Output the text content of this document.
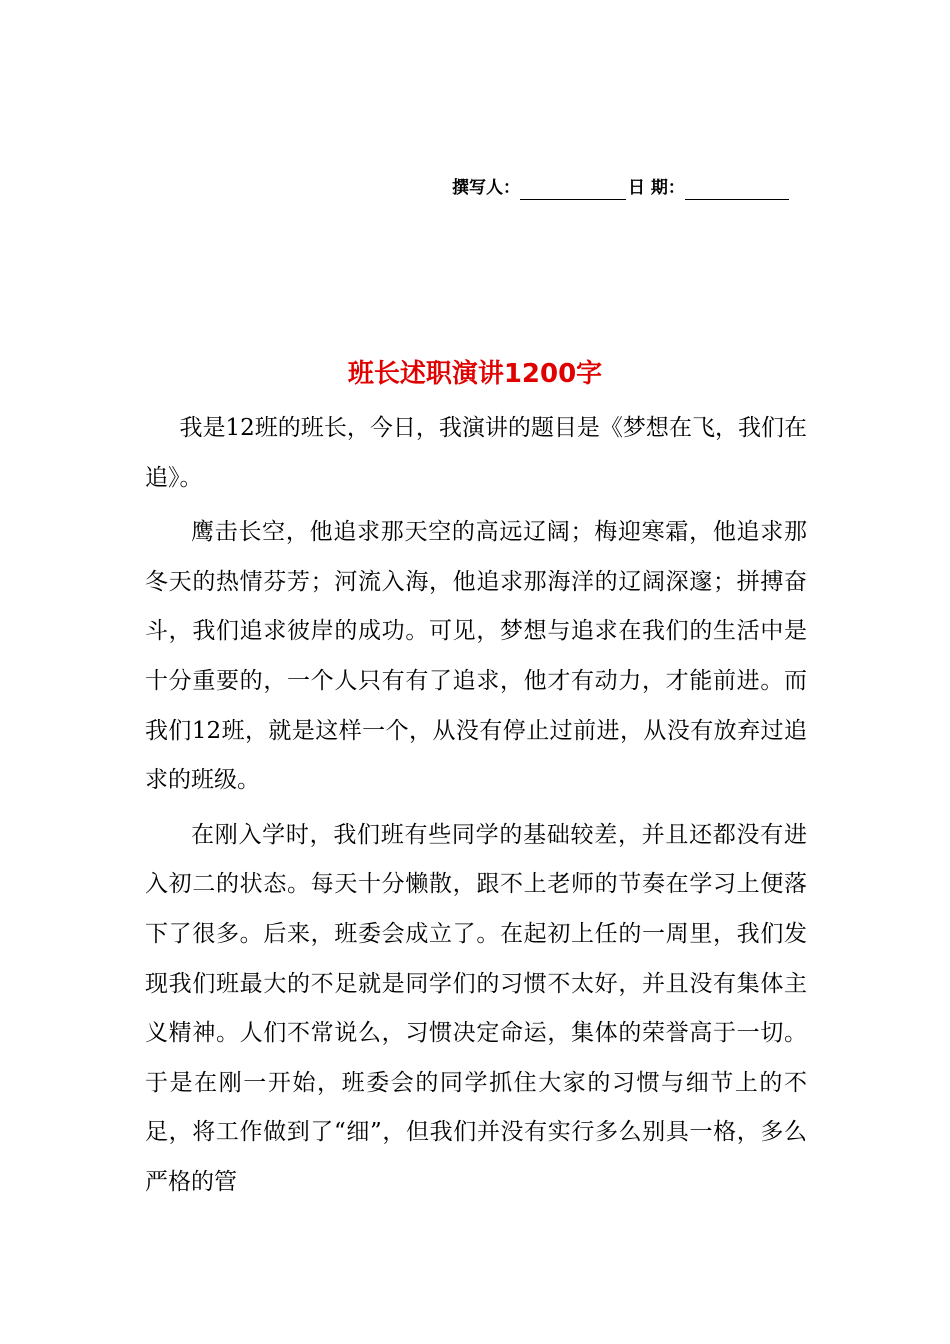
撰写人：	日 期：
班长述职演讲1200字

我是12班的班长，今日，我演讲的题目是《梦想在飞，我们在追》。

鹰击长空，他追求那天空的高远辽阔；梅迎寒霜，他追求那冬天的热情芬芳；河流入海，他追求那海洋的辽阔深邃；拼搏奋斗，我们追求彼岸的成功。可见，梦想与追求在我们的生活中是十分重要的，一个人只有有了追求，他才有动力，才能前进。而我们12班，就是这样一个，从没有停止过前进，从没有放弃过追求的班级。

在刚入学时，我们班有些同学的基础较差，并且还都没有进入初二的状态。每天十分懒散，跟不上老师的节奏在学习上便落下了很多。后来，班委会成立了。在起初上任的一周里，我们发现我们班最大的不足就是同学们的习惯不太好，并且没有集体主义精神。人们不常说么，习惯决定命运，集体的荣誉高于一切。于是在刚一开始，班委会的同学抓住大家的习惯与细节上的不足，将工作做到了“细”，但我们并没有实行多么别具一格，多么严格的管
